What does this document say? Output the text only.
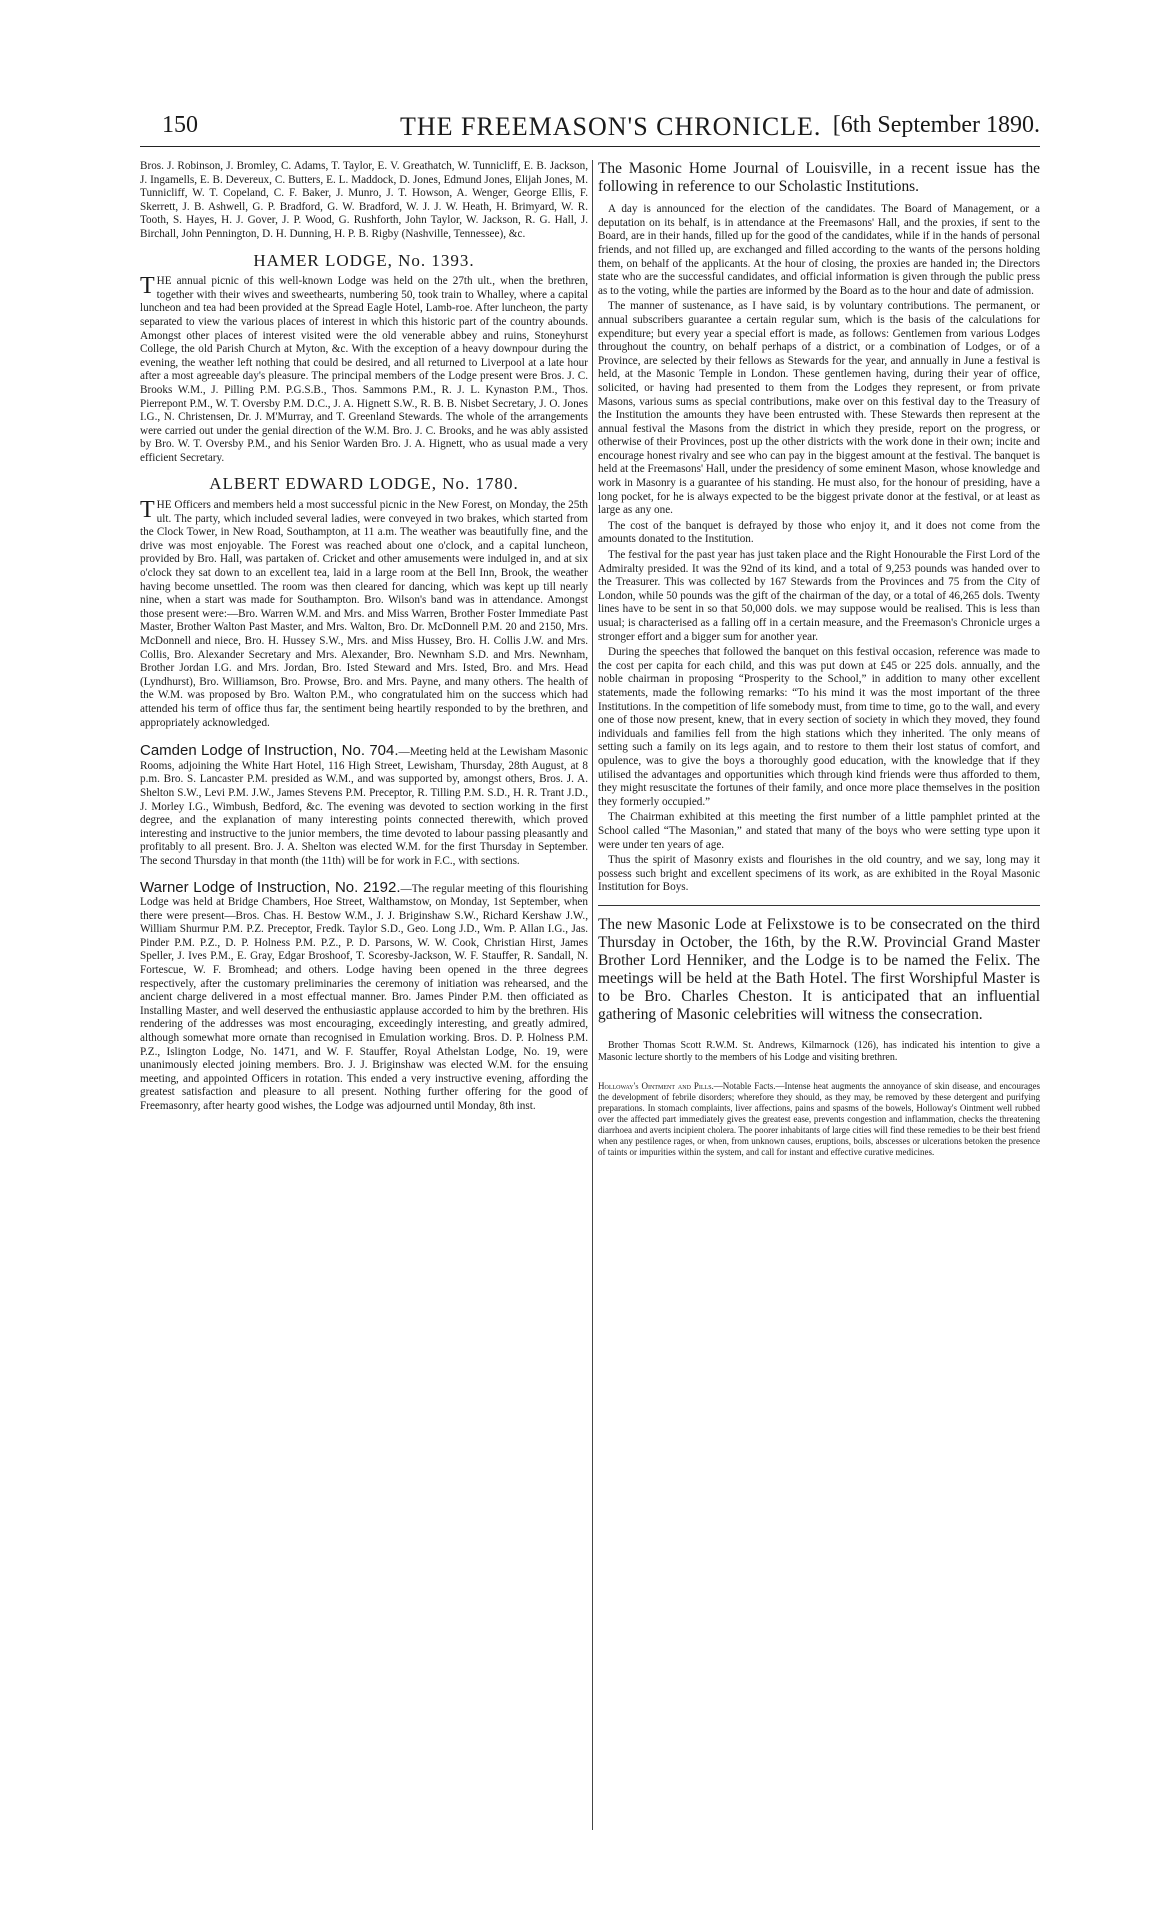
150	THE FREEMASON'S CHRONICLE. [6th September 1890.

Bros. J. Robinson, J. Bromley, C. Adams, T. Taylor, E. V. Greathatch, W. Tunnicliff, E. B. Jackson, J. Ingamells, E. B. Devereux, C. Butters, E. L. Maddock, D. Jones, Edmund Jones, Elijah Jones, M. Tunnicliff, W. T. Copeland, C. F. Baker, J. Munro, J. T. Howson, A. Wenger, George Ellis, F. Skerrett, J. B. Ashwell, G. P. Bradford, G. W. Bradford, W. J. J. W. Heath, H. Brimyard, W. R. Tooth, S. Hayes, H. J. Gover, J. P. Wood, G. Rushforth, John Taylor, W. Jackson, R. G. Hall, J. Birchall, John Pennington, D. H. Dunning, H. P. B. Rigby (Nashville, Tennessee), &c.

HAMER LODGE, No. 1393.

THE annual picnic of this well-known Lodge was held on the 27th ult., when the brethren, together with their wives and sweethearts, numbering 50, took train to Whalley, where a capital luncheon and tea had been provided at the Spread Eagle Hotel, Lamb-roe. After luncheon, the party separated to view the various places of interest in which this historic part of the country abounds. Amongst other places of interest visited were the old venerable abbey and ruins, Stoneyhurst College, the old Parish Church at Myton, &c. With the exception of a heavy downpour during the evening, the weather left nothing that could be desired, and all returned to Liverpool at a late hour after a most agreeable day's pleasure. The principal members of the Lodge present were Bros. J. C. Brooks W.M., J. Pilling P.M. P.G.S.B., Thos. Sammons P.M., R. J. L. Kynaston P.M., Thos. Pierrepont P.M., W. T. Oversby P.M. D.C., J. A. Hignett S.W., R. B. B. Nisbet Secretary, J. O. Jones I.G., N. Christensen, Dr. J. M'Murray, and T. Greenland Stewards. The whole of the arrangements were carried out under the genial direction of the W.M. Bro. J. C. Brooks, and he was ably assisted by Bro. W. T. Oversby P.M., and his Senior Warden Bro. J. A. Hignett, who as usual made a very efficient Secretary.

ALBERT EDWARD LODGE, No. 1780.

THE Officers and members held a most successful picnic in the New Forest, on Monday, the 25th ult. The party, which included several ladies, were conveyed in two brakes, which started from the Clock Tower, in New Road, Southampton, at 11 a.m. The weather was beautifully fine, and the drive was most enjoyable. The Forest was reached about one o'clock, and a capital luncheon, provided by Bro. Hall, was partaken of. Cricket and other amusements were indulged in, and at six o'clock they sat down to an excellent tea, laid in a large room at the Bell Inn, Brook, the weather having become unsettled. The room was then cleared for dancing, which was kept up till nearly nine, when a start was made for Southampton. Bro. Wilson's band was in attendance. Amongst those present were:—Bro. Warren W.M. and Mrs. and Miss Warren, Brother Foster Immediate Past Master, Brother Walton Past Master, and Mrs. Walton, Bro. Dr. McDonnell P.M. 20 and 2150, Mrs. McDonnell and niece, Bro. H. Hussey S.W., Mrs. and Miss Hussey, Bro. H. Collis J.W. and Mrs. Collis, Bro. Alexander Secretary and Mrs. Alexander, Bro. Newnham S.D. and Mrs. Newnham, Brother Jordan I.G. and Mrs. Jordan, Bro. Isted Steward and Mrs. Isted, Bro. and Mrs. Head (Lyndhurst), Bro. Williamson, Bro. Prowse, Bro. and Mrs. Payne, and many others. The health of the W.M. was proposed by Bro. Walton P.M., who congratulated him on the success which had attended his term of office thus far, the sentiment being heartily responded to by the brethren, and appropriately acknowledged.

Camden Lodge of Instruction, No. 704.—Meeting held at the Lewisham Masonic Rooms, adjoining the White Hart Hotel, 116 High Street, Lewisham, Thursday, 28th August, at 8 p.m. Bro. S. Lancaster P.M. presided as W.M., and was supported by, amongst others, Bros. J. A. Shelton S.W., Levi P.M. J.W., James Stevens P.M. Preceptor, R. Tilling P.M. S.D., H. R. Trant J.D., J. Morley I.G., Wimbush, Bedford, &c. The evening was devoted to section working in the first degree, and the explanation of many interesting points connected therewith, which proved interesting and instructive to the junior members, the time devoted to labour passing pleasantly and profitably to all present. Bro. J. A. Shelton was elected W.M. for the first Thursday in September. The second Thursday in that month (the 11th) will be for work in F.C., with sections.

Warner Lodge of Instruction, No. 2192.—The regular meeting of this flourishing Lodge was held at Bridge Chambers, Hoe Street, Walthamstow, on Monday, 1st September, when there were present—Bros. Chas. H. Bestow W.M., J. J. Briginshaw S.W., Richard Kershaw J.W., William Shurmur P.M. P.Z. Preceptor, Fredk. Taylor S.D., Geo. Long J.D., Wm. P. Allan I.G., Jas. Pinder P.M. P.Z., D. P. Holness P.M. P.Z., P. D. Parsons, W. W. Cook, Christian Hirst, James Speller, J. Ives P.M., E. Gray, Edgar Broshoof, T. Scoresby-Jackson, W. F. Stauffer, R. Sandall, N. Fortescue, W. F. Bromhead; and others. Lodge having been opened in the three degrees respectively, after the customary preliminaries the ceremony of initiation was rehearsed, and the ancient charge delivered in a most effectual manner. Bro. James Pinder P.M. then officiated as Installing Master, and well deserved the enthusiastic applause accorded to him by the brethren. His rendering of the addresses was most encouraging, exceedingly interesting, and greatly admired, although somewhat more ornate than recognised in Emulation working. Bros. D. P. Holness P.M. P.Z., Islington Lodge, No. 1471, and W. F. Stauffer, Royal Athelstan Lodge, No. 19, were unanimously elected joining members. Bro. J. J. Briginshaw was elected W.M. for the ensuing meeting, and appointed Officers in rotation. This ended a very instructive evening, affording the greatest satisfaction and pleasure to all present. Nothing further offering for the good of Freemasonry, after hearty good wishes, the Lodge was adjourned until Monday, 8th inst.

The Masonic Home Journal of Louisville, in a recent issue has the following in reference to our Scholastic Institutions.

A day is announced for the election of the candidates. The Board of Management, or a deputation on its behalf, is in attendance at the Freemasons' Hall, and the proxies, if sent to the Board, are in their hands, filled up for the good of the candidates, while if in the hands of personal friends, and not filled up, are exchanged and filled according to the wants of the persons holding them, on behalf of the applicants. At the hour of closing, the proxies are handed in; the Directors state who are the successful candidates, and official information is given through the public press as to the voting, while the parties are informed by the Board as to the hour and date of admission.

The manner of sustenance, as I have said, is by voluntary contributions. The permanent, or annual subscribers guarantee a certain regular sum, which is the basis of the calculations for expenditure; but every year a special effort is made, as follows: Gentlemen from various Lodges throughout the country, on behalf perhaps of a district, or a combination of Lodges, or of a Province, are selected by their fellows as Stewards for the year, and annually in June a festival is held, at the Masonic Temple in London. These gentlemen having, during their year of office, solicited, or having had presented to them from the Lodges they represent, or from private Masons, various sums as special contributions, make over on this festival day to the Treasury of the Institution the amounts they have been entrusted with. These Stewards then represent at the annual festival the Masons from the district in which they preside, report on the progress, or otherwise of their Provinces, post up the other districts with the work done in their own; incite and encourage honest rivalry and see who can pay in the biggest amount at the festival. The banquet is held at the Freemasons' Hall, under the presidency of some eminent Mason, whose knowledge and work in Masonry is a guarantee of his standing. He must also, for the honour of presiding, have a long pocket, for he is always expected to be the biggest private donor at the festival, or at least as large as any one.

The cost of the banquet is defrayed by those who enjoy it, and it does not come from the amounts donated to the Institution.

The festival for the past year has just taken place and the Right Honourable the First Lord of the Admiralty presided. It was the 92nd of its kind, and a total of 9,253 pounds was handed over to the Treasurer. This was collected by 167 Stewards from the Provinces and 75 from the City of London, while 50 pounds was the gift of the chairman of the day, or a total of 46,265 dols. Twenty lines have to be sent in so that 50,000 dols. we may suppose would be realised. This is less than usual; is characterised as a falling off in a certain measure, and the Freemason's Chronicle urges a stronger effort and a bigger sum for another year.

During the speeches that followed the banquet on this festival occasion, reference was made to the cost per capita for each child, and this was put down at £45 or 225 dols. annually, and the noble chairman in proposing “Prosperity to the School,” in addition to many other excellent statements, made the following remarks: “To his mind it was the most important of the three Institutions. In the competition of life somebody must, from time to time, go to the wall, and every one of those now present, knew, that in every section of society in which they moved, they found individuals and families fell from the high stations which they inherited. The only means of setting such a family on its legs again, and to restore to them their lost status of comfort, and opulence, was to give the boys a thoroughly good education, with the knowledge that if they utilised the advantages and opportunities which through kind friends were thus afforded to them, they might resuscitate the fortunes of their family, and once more place themselves in the position they formerly occupied.”

The Chairman exhibited at this meeting the first number of a little pamphlet printed at the School called “The Masonian,” and stated that many of the boys who were setting type upon it were under ten years of age.

Thus the spirit of Masonry exists and flourishes in the old country, and we say, long may it possess such bright and excellent specimens of its work, as are exhibited in the Royal Masonic Institution for Boys.

The new Masonic Lode at Felixstowe is to be consecrated on the third Thursday in October, the 16th, by the R.W. Provincial Grand Master Brother Lord Henniker, and the Lodge is to be named the Felix. The meetings will be held at the Bath Hotel. The first Worshipful Master is to be Bro. Charles Cheston. It is anticipated that an influential gathering of Masonic celebrities will witness the consecration.

Brother Thomas Scott R.W.M. St. Andrews, Kilmarnock (126), has indicated his intention to give a Masonic lecture shortly to the members of his Lodge and visiting brethren.

Holloway's Ointment and Pills.—Notable Facts.—Intense heat augments the annoyance of skin disease, and encourages the development of febrile disorders; wherefore they should, as they may, be removed by these detergent and purifying preparations. In stomach complaints, liver affections, pains and spasms of the bowels, Holloway's Ointment well rubbed over the affected part immediately gives the greatest ease, prevents congestion and inflammation, checks the threatening diarrhoea and averts incipient cholera. The poorer inhabitants of large cities will find these remedies to be their best friend when any pestilence rages, or when, from unknown causes, eruptions, boils, abscesses or ulcerations betoken the presence of taints or impurities within the system, and call for instant and effective curative medicines.
